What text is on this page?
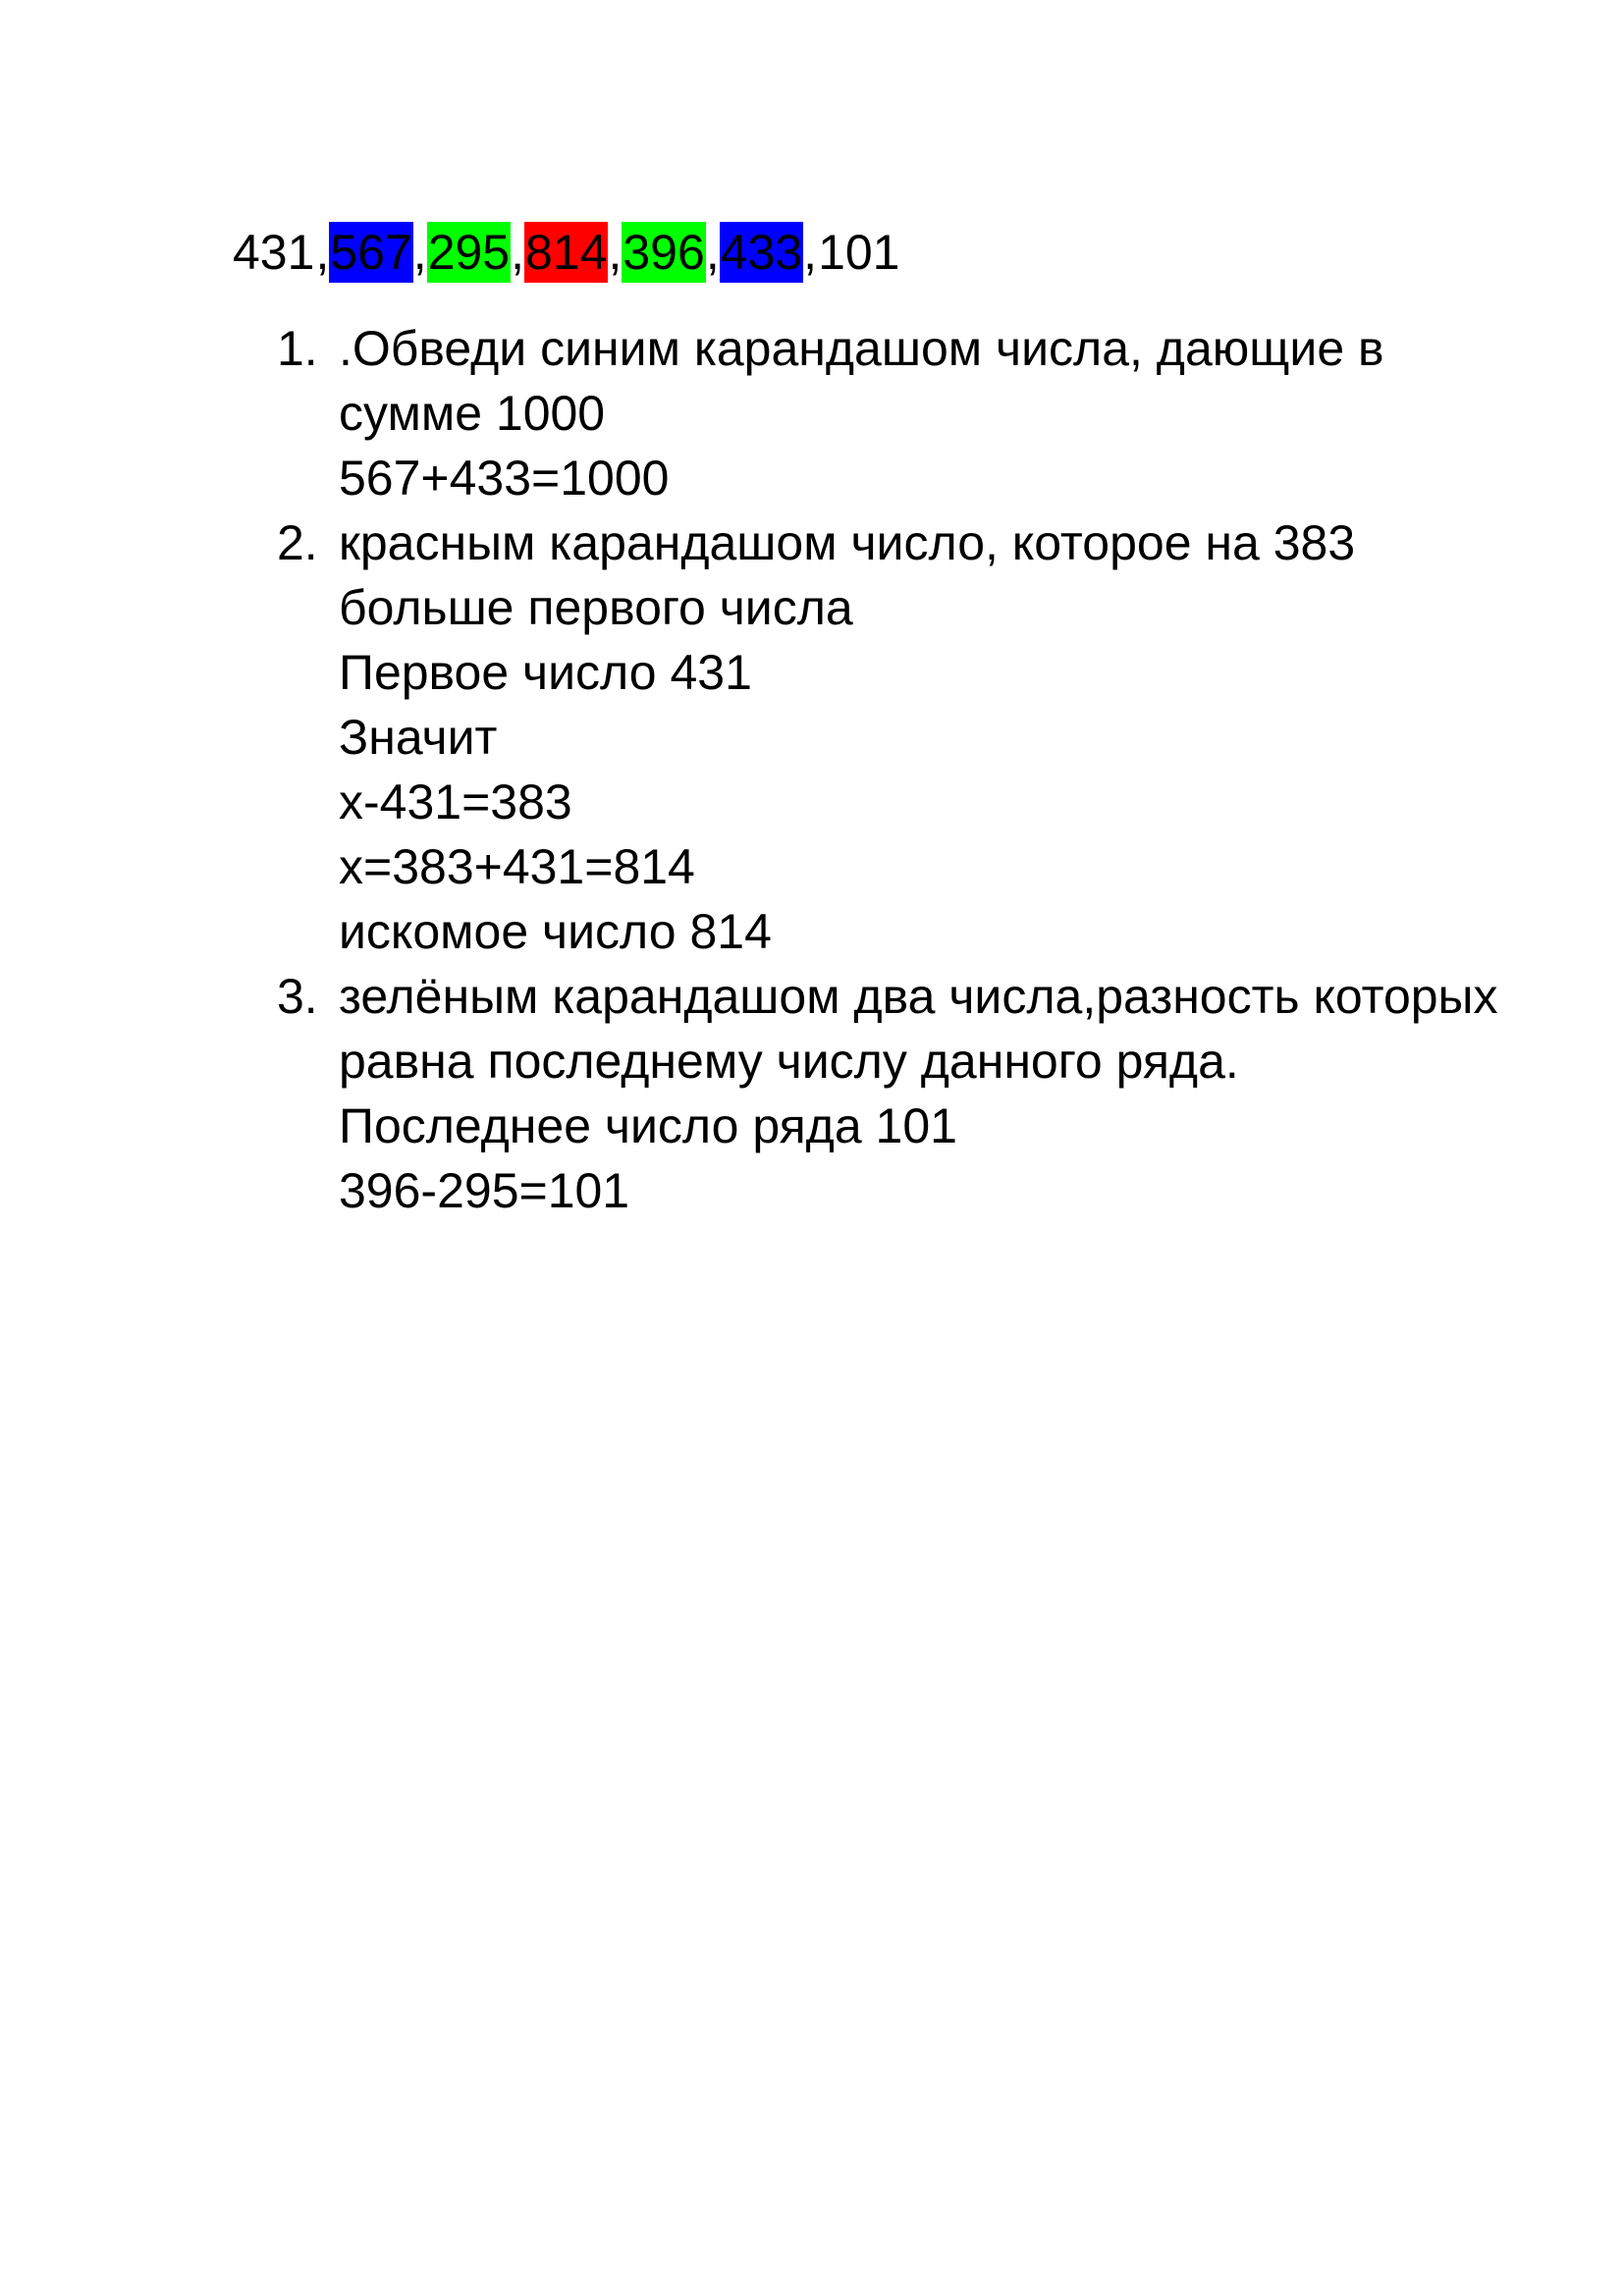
431,567,295,814,396,433,101
1. .Обведи синим карандашом числа, дающие в
сумме 1000
567+433=1000
2. красным карандашом число, которое на 383
больше первого числа
Первое число 431
Значит
х-431=383
х=383+431=814
искомое число 814
3. зелёным карандашом два числа,разность которых
равна последнему числу данного ряда.
Последнее число ряда 101
396-295=101
